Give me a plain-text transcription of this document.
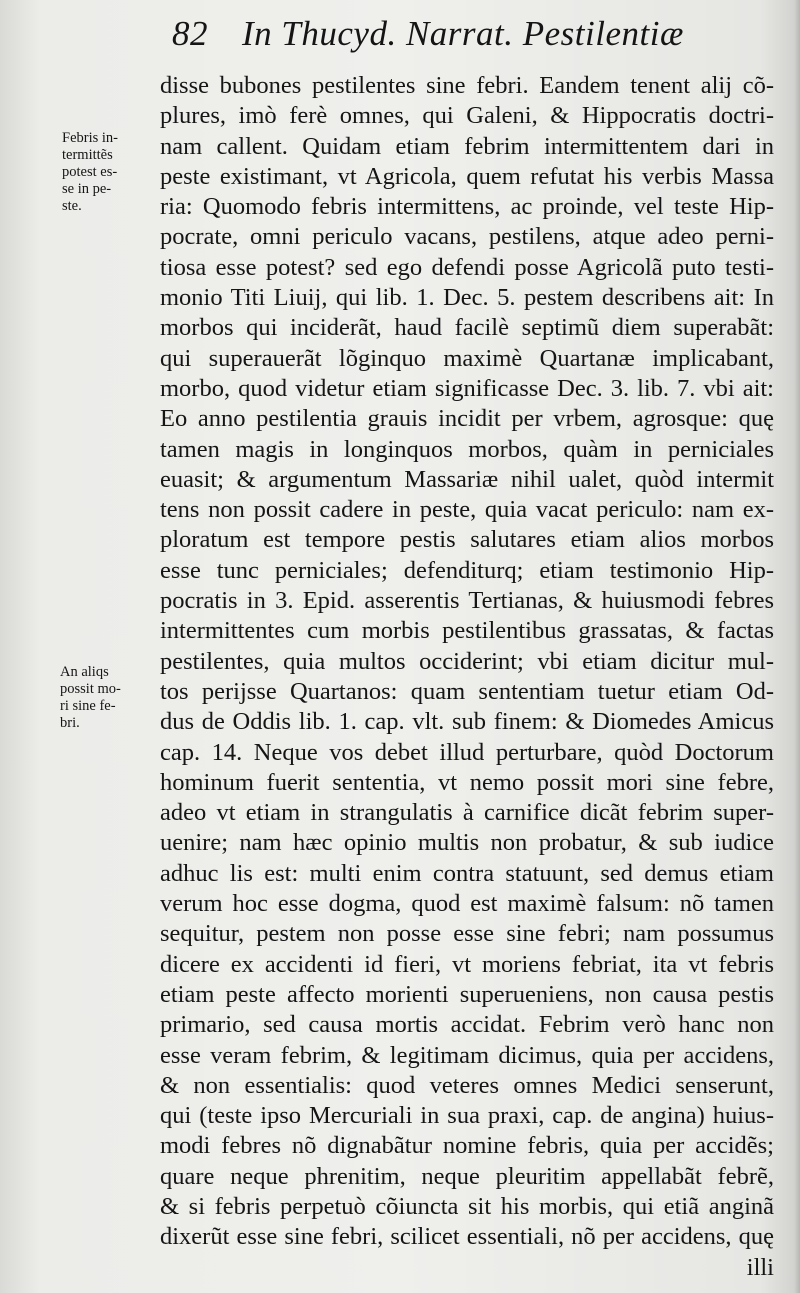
82 In Thucyd. Narrat. Pestilentiæ
Febris in-
termittẽs
potest es-
se in pe-
ste.
An aliqs
possit mo-
ri sine fe-
bri.
disse bubones pestilentes sine febri. Eandem tenent alij cõ-
plures, imò ferè omnes, qui Galeni, & Hippocratis doctri-
nam callent. Quidam etiam febrim intermittentem dari in
peste existimant, vt Agricola, quem refutat his verbis Massa
ria: Quomodo febris intermittens, ac proinde, vel teste Hip-
pocrate, omni periculo vacans, pestilens, atque adeo perni-
tiosa esse potest? sed ego defendi posse Agricolã puto testi-
monio Titi Liuij, qui lib. 1. Dec. 5. pestem describens ait: In
morbos qui inciderãt, haud facilè septimũ diem superabãt:
qui superauerãt lõginquo maximè Quartanæ implicabant,
morbo, quod videtur etiam significasse Dec. 3. lib. 7. vbi ait:
Eo anno pestilentia grauis incidit per vrbem, agrosque: quę
tamen magis in longinquos morbos, quàm in perniciales
euasit; & argumentum Massariæ nihil ualet, quòd intermit
tens non possit cadere in peste, quia vacat periculo: nam ex-
ploratum est tempore pestis salutares etiam alios morbos
esse tunc perniciales; defenditurq; etiam testimonio Hip-
pocratis in 3. Epid. asserentis Tertianas, & huiusmodi febres
intermittentes cum morbis pestilentibus grassatas, & factas
pestilentes, quia multos occiderint; vbi etiam dicitur mul-
tos perijsse Quartanos: quam sententiam tuetur etiam Od-
dus de Oddis lib. 1. cap. vlt. sub finem: & Diomedes Amicus
cap. 14. Neque vos debet illud perturbare, quòd Doctorum
hominum fuerit sententia, vt nemo possit mori sine febre,
adeo vt etiam in strangulatis à carnifice dicãt febrim super-
uenire; nam hæc opinio multis non probatur, & sub iudice
adhuc lis est: multi enim contra statuunt, sed demus etiam
verum hoc esse dogma, quod est maximè falsum: nõ tamen
sequitur, pestem non posse esse sine febri; nam possumus
dicere ex accidenti id fieri, vt moriens febriat, ita vt febris
etiam peste affecto morienti superueniens, non causa pestis
primario, sed causa mortis accidat. Febrim verò hanc non
esse veram febrim, & legitimam dicimus, quia per accidens,
& non essentialis: quod veteres omnes Medici senserunt,
qui (teste ipso Mercuriali in sua praxi, cap. de angina) huius-
modi febres nõ dignabãtur nomine febris, quia per accidẽs;
quare neque phrenitim, neque pleuritim appellabãt febrẽ,
& si febris perpetuò cõiuncta sit his morbis, qui etiã anginã
dixerũt esse sine febri, scilicet essentiali, nõ per accidens, quę
illi
